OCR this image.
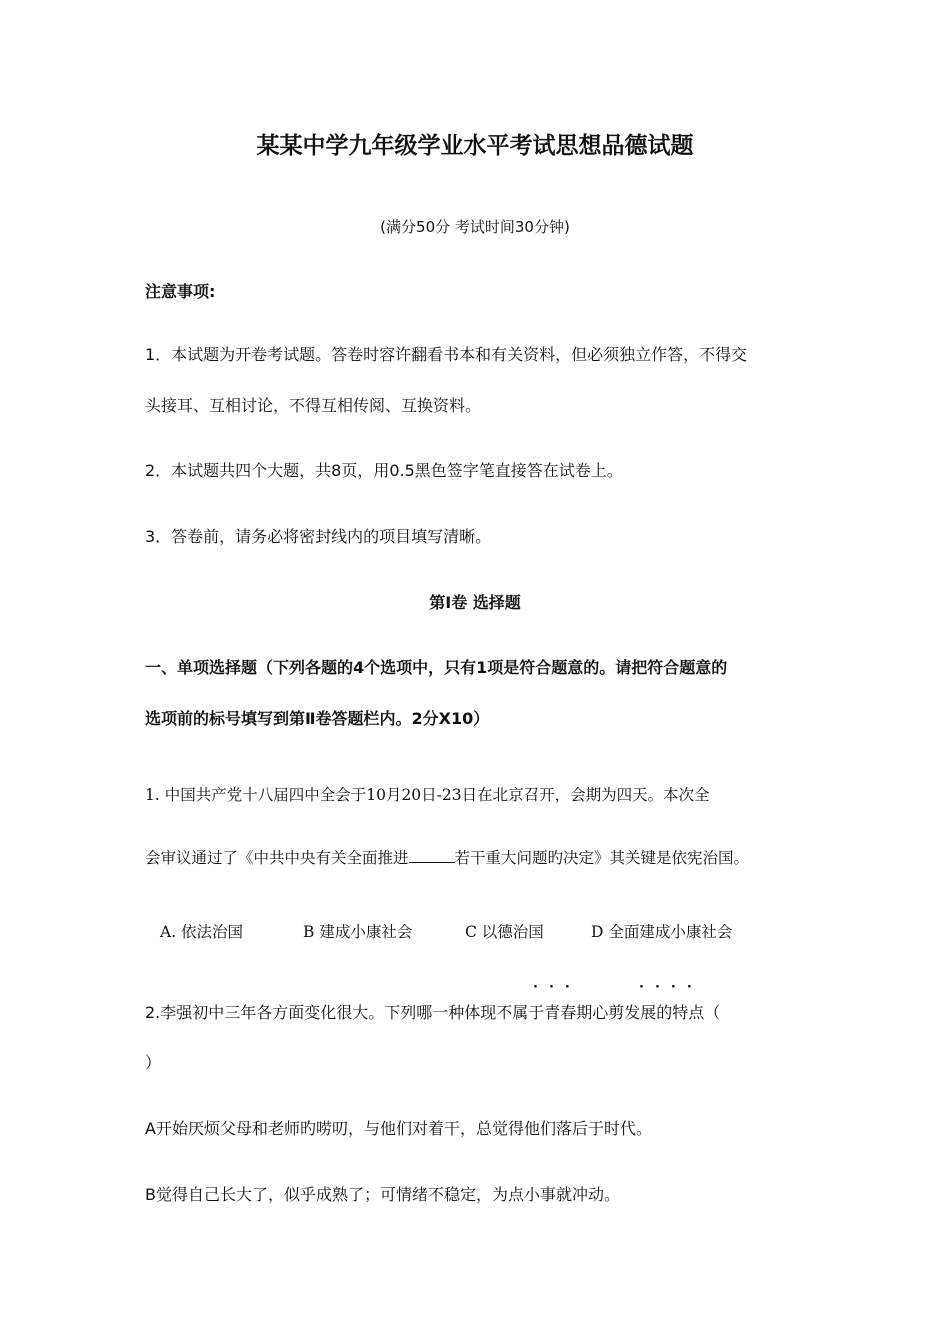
某某中学九年级学业水平考试思想品德试题
(满分50分 考试时间30分钟)
注意事项:
1．本试题为开卷考试题。答卷时容许翻看书本和有关资料，但必须独立作答，不得交
头接耳、互相讨论，不得互相传阅、互换资料。
2．本试题共四个大题，共8页，用0.5黑色签字笔直接答在试卷上。
3．答卷前，请务必将密封线内的项目填写清晰。
第Ⅰ卷 选择题
一、单项选择题（下列各题的4个选项中，只有1项是符合题意的。请把符合题意的
选项前的标号填写到第Ⅱ卷答题栏内。2分X10）
1. 中国共产党十八届四中全会于10月20日-23日在北京召开，会期为四天。本次全
会审议通过了《中共中央有关全面推进	若干重大问题旳决定》其关键是依宪治国。
A. 依法治国	B 建成小康社会	C 以德治国	D 全面建成小康社会
···	····
2.李强初中三年各方面变化很大。下列哪一种体现不属于青春期心剪发展的特点（
）
A开始厌烦父母和老师旳唠叨，与他们对着干，总觉得他们落后于时代。
B觉得自己长大了，似乎成熟了；可情绪不稳定，为点小事就冲动。
